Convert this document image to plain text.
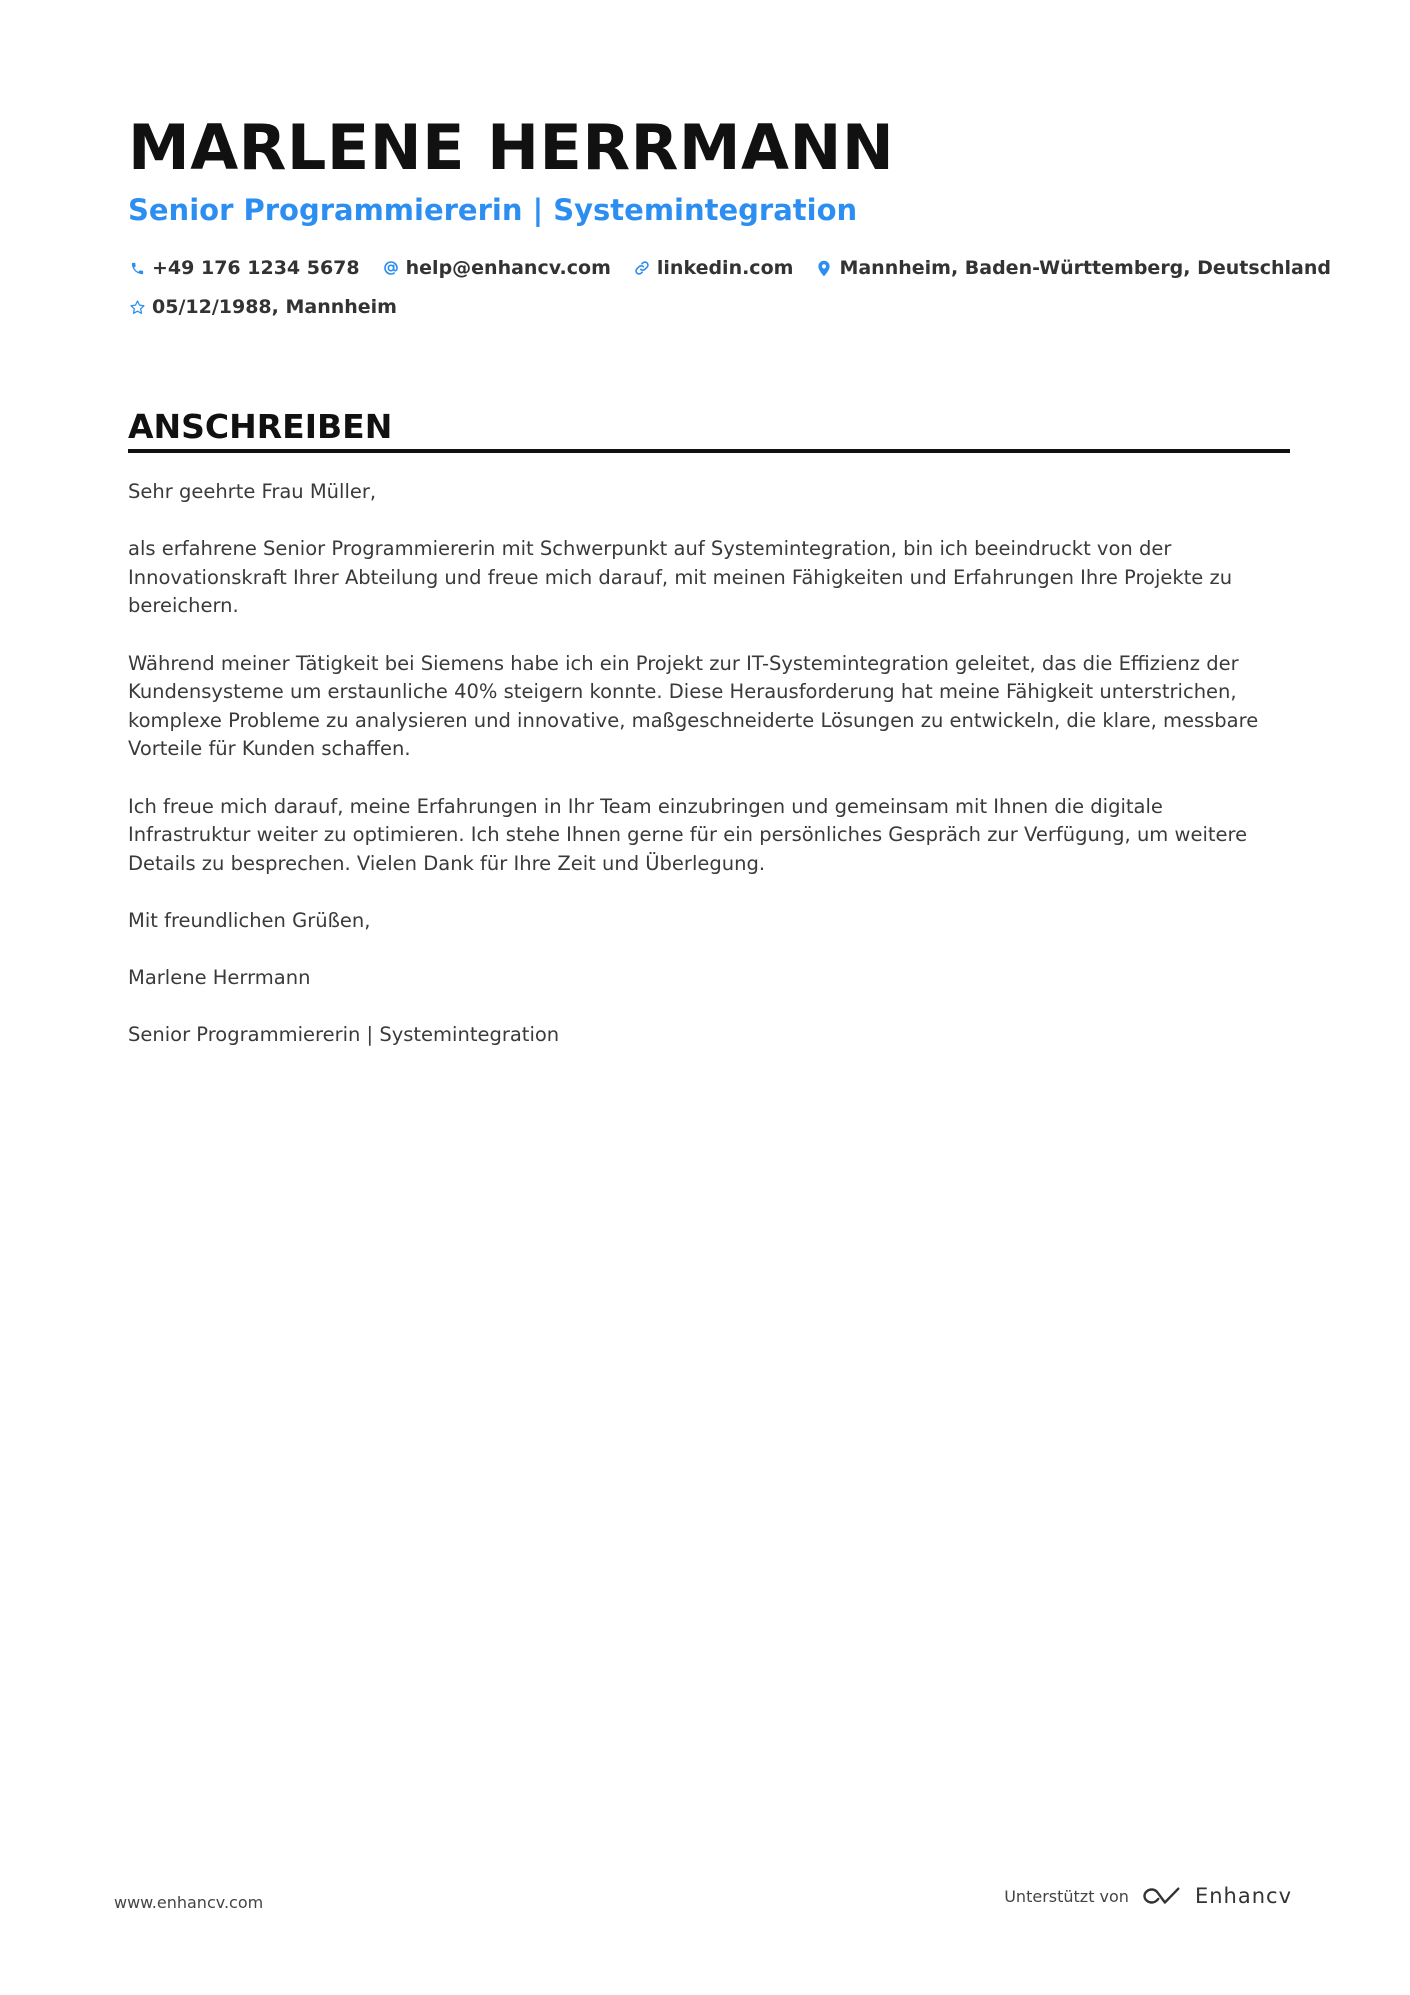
MARLENE HERRMANN
Senior Programmiererin | Systemintegration
+49 176 1234 5678 help@enhancv.com linkedin.com Mannheim, Baden-Württemberg, Deutschland
05/12/1988, Mannheim
ANSCHREIBEN

Sehr geehrte Frau Müller,

als erfahrene Senior Programmiererin mit Schwerpunkt auf Systemintegration, bin ich beeindruckt von der Innovationskraft Ihrer Abteilung und freue mich darauf, mit meinen Fähigkeiten und Erfahrungen Ihre Projekte zu bereichern.

Während meiner Tätigkeit bei Siemens habe ich ein Projekt zur IT-Systemintegration geleitet, das die Effizienz der Kundensysteme um erstaunliche 40% steigern konnte. Diese Herausforderung hat meine Fähigkeit unterstrichen, komplexe Probleme zu analysieren und innovative, maßgeschneiderte Lösungen zu entwickeln, die klare, messbare Vorteile für Kunden schaffen.

Ich freue mich darauf, meine Erfahrungen in Ihr Team einzubringen und gemeinsam mit Ihnen die digitale Infrastruktur weiter zu optimieren. Ich stehe Ihnen gerne für ein persönliches Gespräch zur Verfügung, um weitere Details zu besprechen. Vielen Dank für Ihre Zeit und Überlegung.

Mit freundlichen Grüßen,

Marlene Herrmann

Senior Programmiererin | Systemintegration

www.enhancv.com	Unterstützt von	Enhancv
